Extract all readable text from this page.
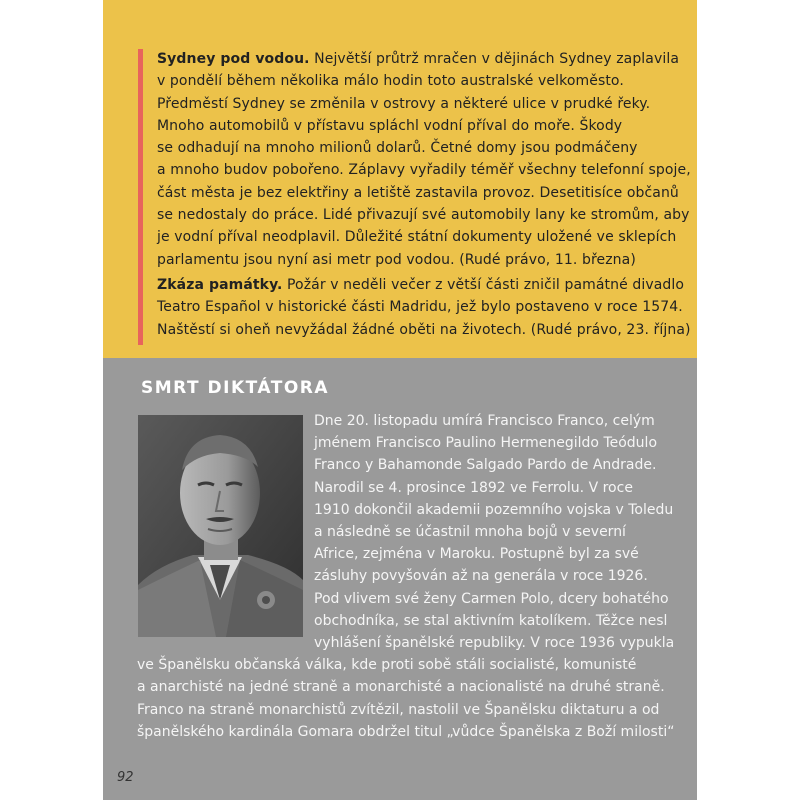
Sydney pod vodou. Největší průtrž mračen v dějinách Sydney zaplavila
v pondělí během několika málo hodin toto australské velkoměsto.
Předměstí Sydney se změnila v ostrovy a některé ulice v prudké řeky.
Mnoho automobilů v přístavu spláchl vodní příval do moře. Škody
se odhadují na mnoho milionů dolarů. Četné domy jsou podmáčeny
a mnoho budov pobořeno. Záplavy vyřadily téměř všechny telefonní spoje,
část města je bez elektřiny a letiště zastavila provoz. Desetitisíce občanů
se nedostaly do práce. Lidé přivazují své automobily lany ke stromům, aby
je vodní příval neodplavil. Důležité státní dokumenty uložené ve sklepích
parlamentu jsou nyní asi metr pod vodou. (Rudé právo, 11. března)
Zkáza památky. Požár v neděli večer z větší části zničil památné divadlo
Teatro Español v historické části Madridu, jež bylo postaveno v roce 1574.
Naštěstí si oheň nevyžádal žádné oběti na životech. (Rudé právo, 23. října)
SMRT DIKTÁTORA
Dne 20. listopadu umírá Francisco Franco, celým
jménem Francisco Paulino Hermenegildo Teódulo
Franco y Bahamonde Salgado Pardo de Andrade.
Narodil se 4. prosince 1892 ve Ferrolu. V roce
1910 dokončil akademii pozemního vojska v Toledu
a následně se účastnil mnoha bojů v severní
Africe, zejména v Maroku. Postupně byl za své
zásluhy povyšován až na generála v roce 1926.
Pod vlivem své ženy Carmen Polo, dcery bohatého
obchodníka, se stal aktivním katolíkem. Těžce nesl
vyhlášení španělské republiky. V roce 1936 vypukla
ve Španělsku občanská válka, kde proti sobě stáli socialisté, komunisté
a anarchisté na jedné straně a monarchisté a nacionalisté na druhé straně.
Franco na straně monarchistů zvítězil, nastolil ve Španělsku diktaturu a od
španělského kardinála Gomara obdržel titul „vůdce Španělska z Boží milosti“
92
